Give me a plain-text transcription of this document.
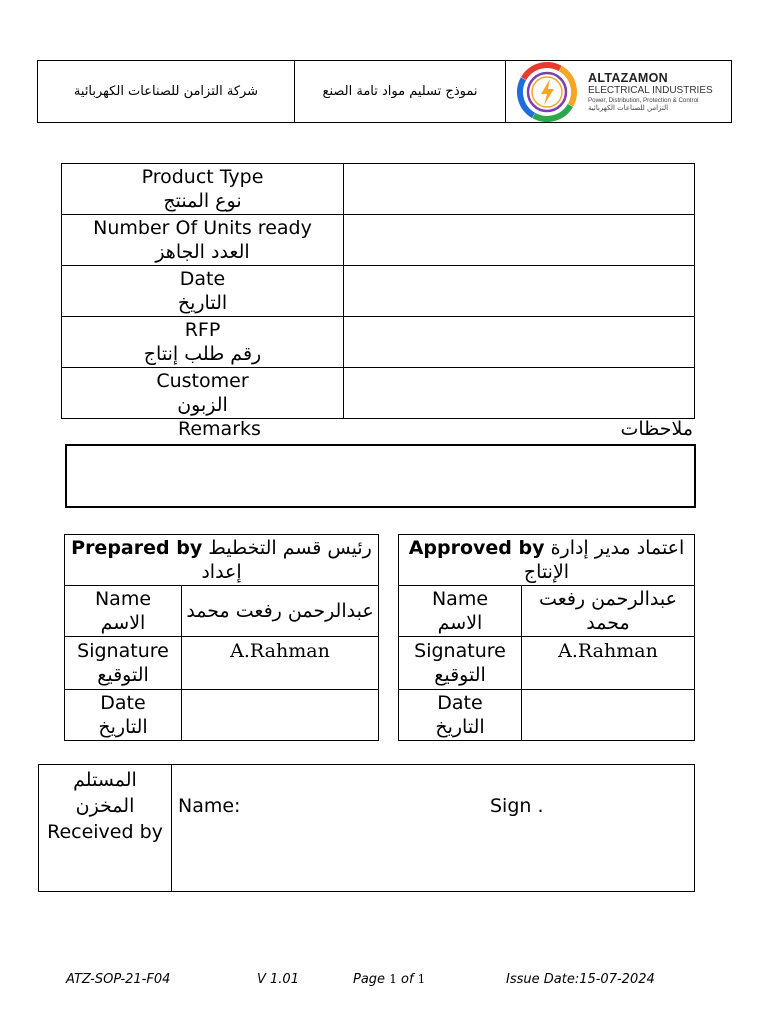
شركة التزامن للصناعات الكهربائية	نموذج تسليم مواد تامة الصنع
ALTAZAMON
ELECTRICAL INDUSTRIES
Power, Distribution, Protection & Control
التزامن للصناعات الكهربائية
Product Type
نوع المنتج	

Number Of Units ready
العدد الجاهز	

Date
التاريخ	

RFP
رقم طلب إنتاج	

Customer
الزبون	

Remarks	ملاحظات
Prepared by رئيس قسم التخطيط إعداد	

Name
الاسم	عبدالرحمن رفعت محمد

Signature
التوقيع	A.Rahman

Date
التاريخ	

Approved by اعتماد مدير إدارة الإنتاج	

Name
الاسم	عبدالرحمن رفعت محمد

Signature
التوقيع	A.Rahman

Date
التاريخ	

المستلم
المخزن
Received by

Name:	Sign .
ATZ-SOP-21-F04	V 1.01	Page 1 of 1	Issue Date:15-07-2024
